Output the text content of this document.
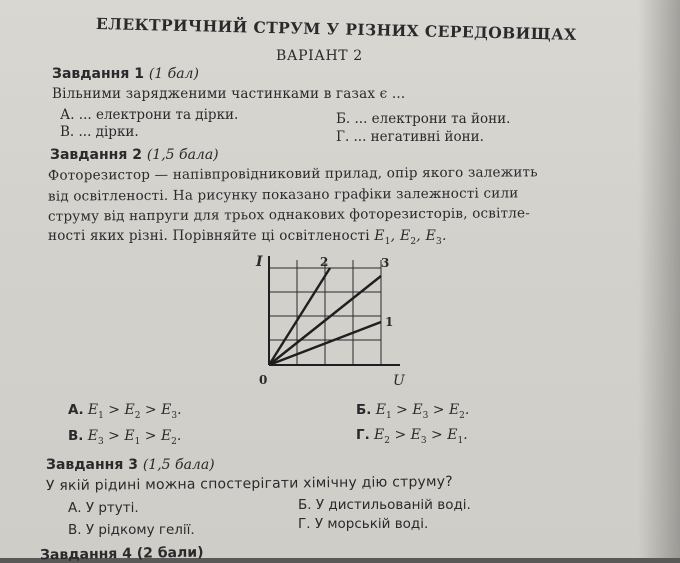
ЕЛЕКТРИЧНИЙ СТРУМ У РІЗНИХ СЕРЕДОВИЩАХ
ВАРІАНТ 2
Завдання 1 (1 бал)
Вільними зарядженими частинками в газах є ...
А. ... електрони та дірки.	Б. ... електрони та йони.
В. ... дірки.	Г. ... негативні йони.
Завдання 2 (1,5 бала)
Фоторезистор — напівпровідниковий прилад, опір якого залежить
від освітленості. На рисунку показано графіки залежності сили
струму від напруги для трьох однакових фоторезисторів, освітле-
ності яких різні. Порівняйте ці освітленості $E_1$, $E_2$, $E_3$.
I
U
0
1
2	3
А. $E_1 > E_2 > E_3$.	Б. $E_1 > E_3 > E_2$.
В. $E_3 > E_1 > E_2$.	Г. $E_2 > E_3 > E_1$.
Завдання 3 (1,5 бала)
У якій рідині можна спостерігати хімічну дію струму?
А. У ртуті.	Б. У дистильованій воді.
В. У рідкому гелії.	Г. У морській воді.
Завдання 4 (2 бали)
